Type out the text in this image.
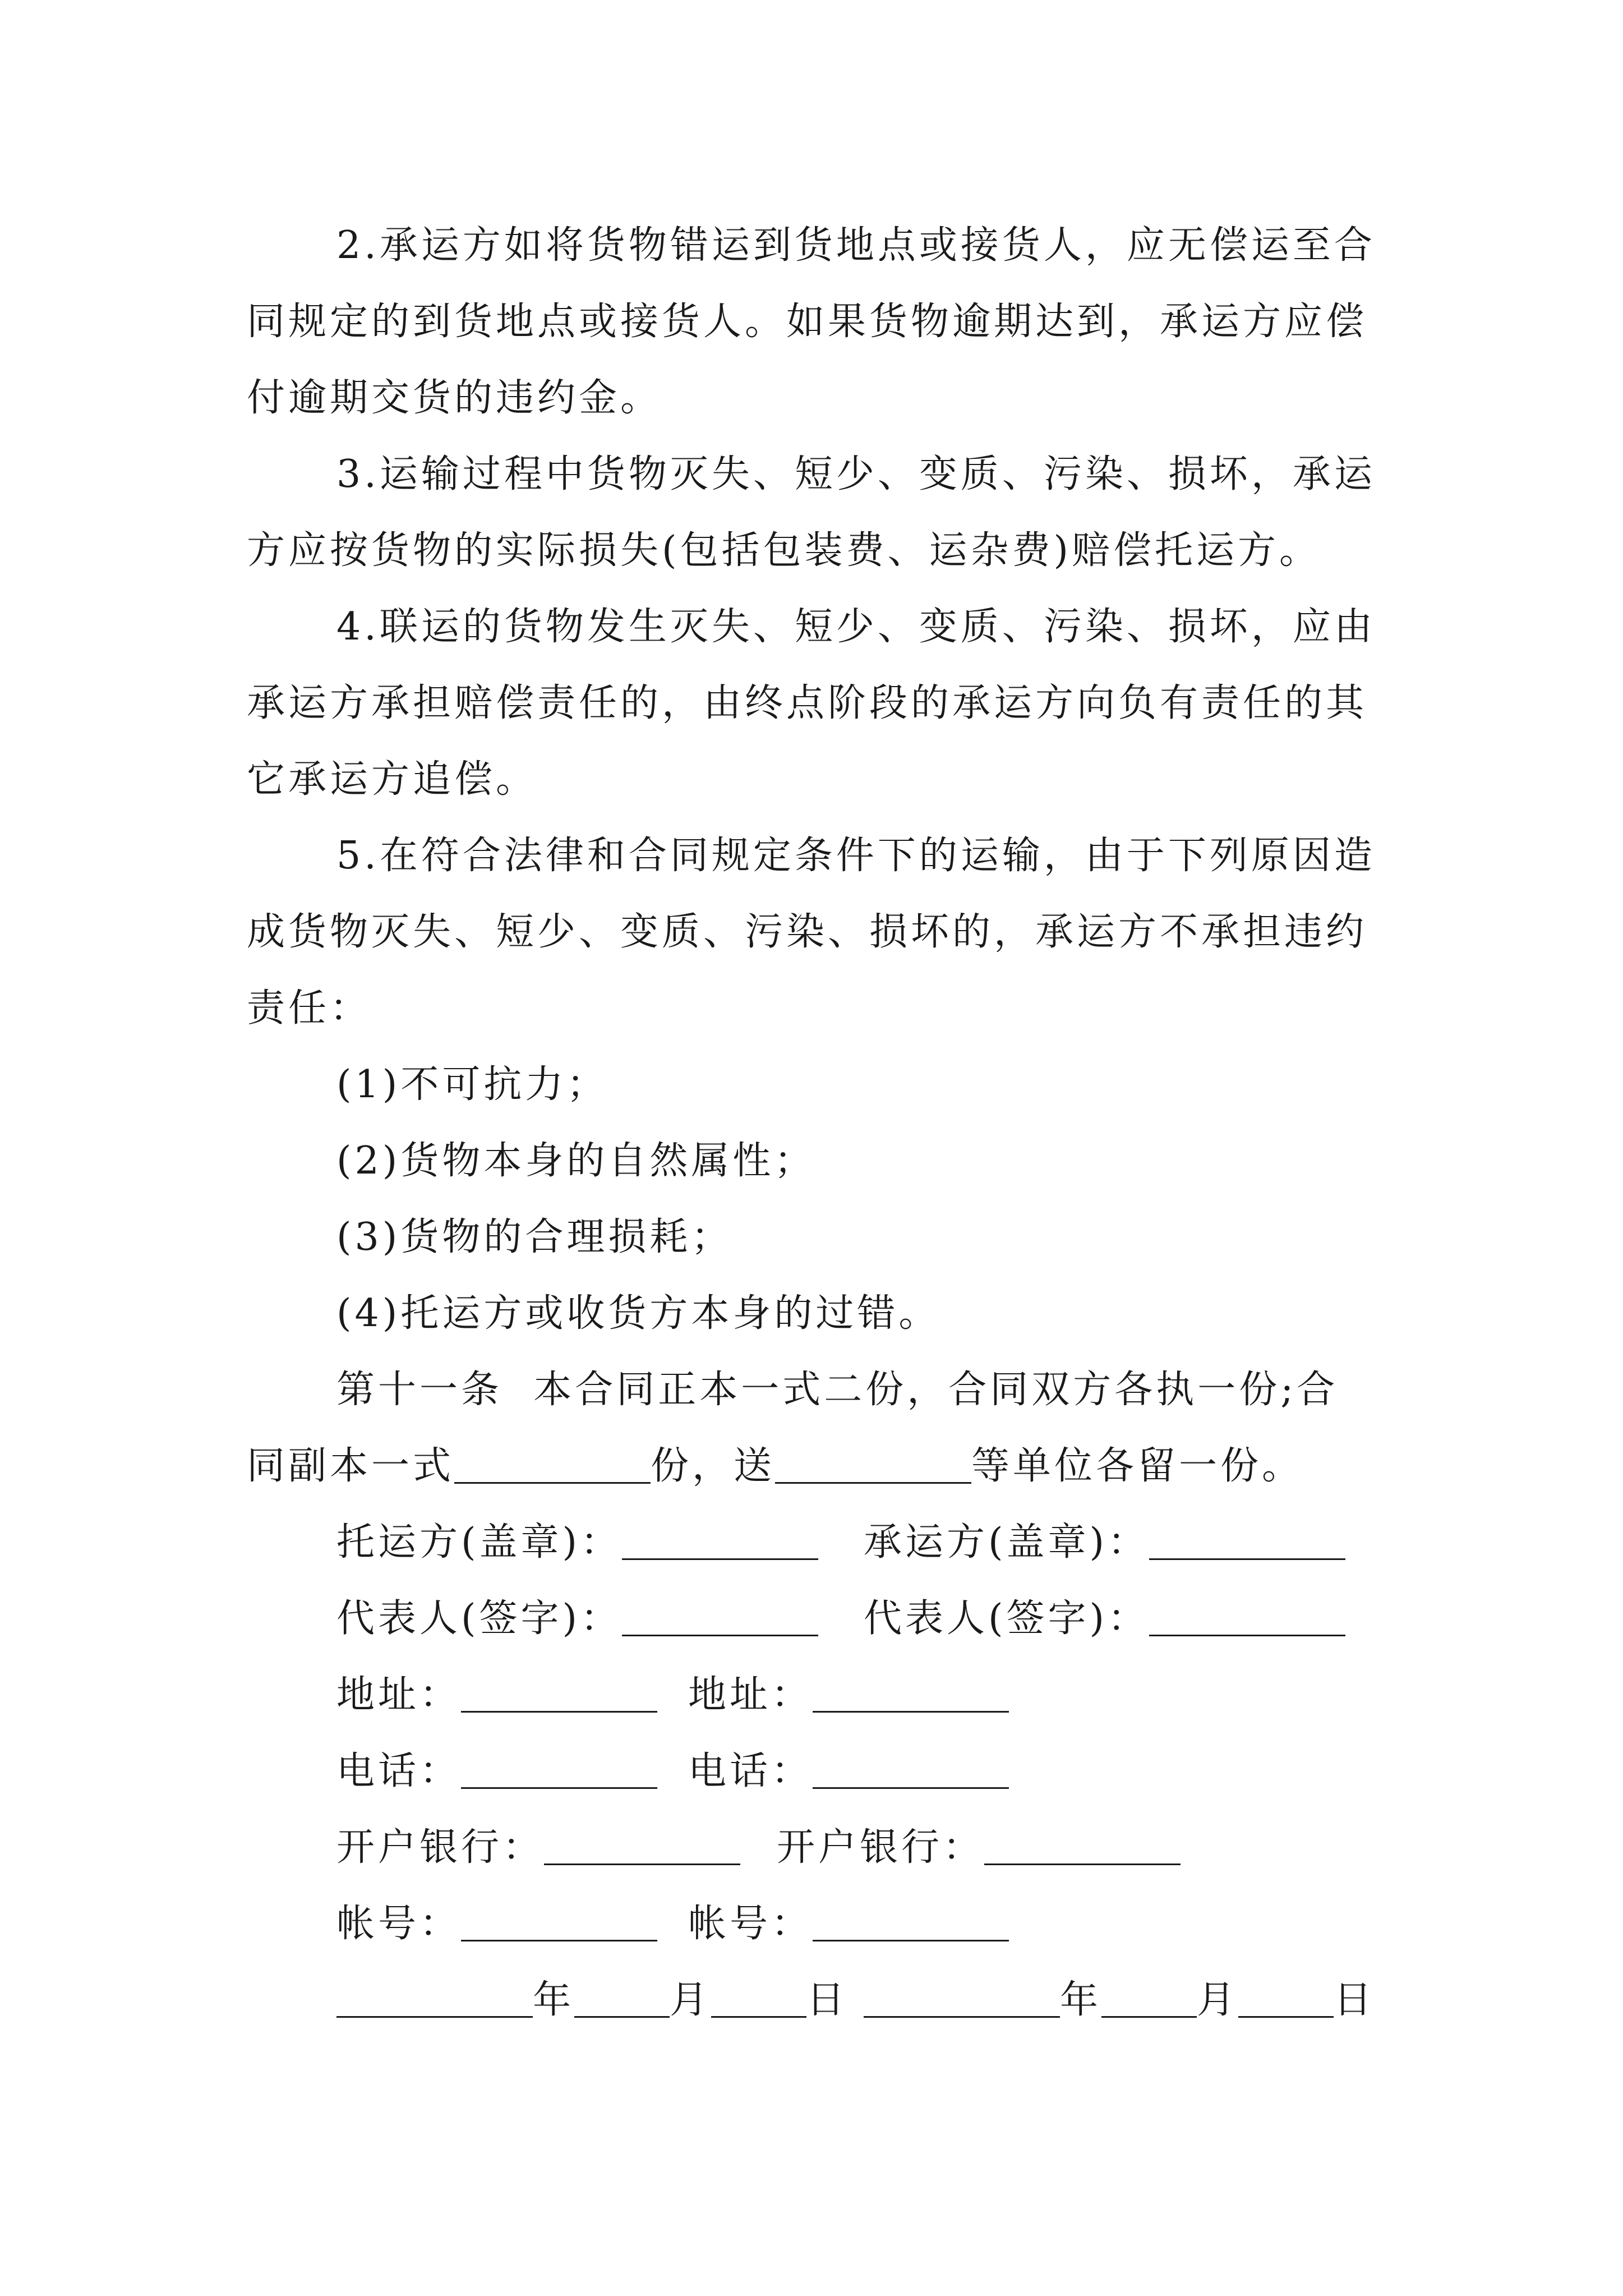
2.承运方如将货物错运到货地点或接货人，应无偿运至合同规定的到货地点或接货人。如果货物逾期达到，承运方应偿付逾期交货的违约金。

3.运输过程中货物灭失、短少、变质、污染、损坏，承运方应按货物的实际损失(包括包装费、运杂费)赔偿托运方。

4.联运的货物发生灭失、短少、变质、污染、损坏，应由承运方承担赔偿责任的，由终点阶段的承运方向负有责任的其它承运方追偿。

5.在符合法律和合同规定条件下的运输，由于下列原因造成货物灭失、短少、变质、污染、损坏的，承运方不承担违约责任：

(1)不可抗力；

(2)货物本身的自然属性；

(3)货物的合理损耗；

(4)托运方或收货方本身的过错。

第十一条  本合同正本一式二份，合同双方各执一份;合

同副本一式	份，送	等单位各留一份。
托运方(盖章)：	承运方(盖章)：
代表人(签字)：	代表人(签字)：
地址：	地址：
电话：	电话：
开户银行：	开户银行：
帐号：	帐号：
年	月	日	年	月	日
